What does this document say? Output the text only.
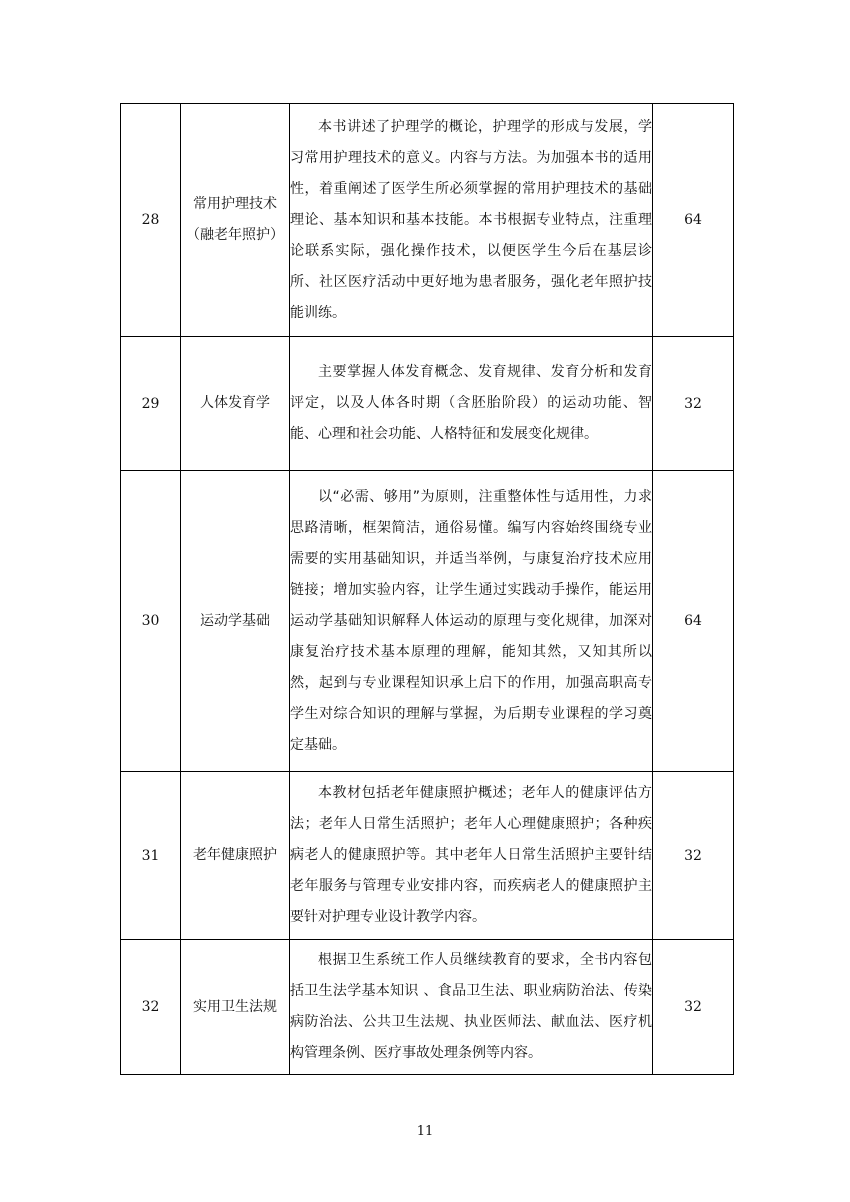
28	常用护理技术（融老年照护）	本书讲述了护理学的概论，护理学的形成与发展，学习常用护理技术的意义。内容与方法。为加强本书的适用性，着重阐述了医学生所必须掌握的常用护理技术的基础理论、基本知识和基本技能。本书根据专业特点，注重理论联系实际，强化操作技术，以便医学生今后在基层诊所、社区医疗活动中更好地为患者服务，强化老年照护技能训练。	64
29	人体发育学	主要掌握人体发育概念、发育规律、发育分析和发育评定，以及人体各时期（含胚胎阶段）的运动功能、智能、心理和社会功能、人格特征和发展变化规律。	32
30	运动学基础	以“必需、够用”为原则，注重整体性与适用性，力求思路清晰，框架简洁，通俗易懂。编写内容始终围绕专业需要的实用基础知识，并适当举例，与康复治疗技术应用链接；增加实验内容，让学生通过实践动手操作，能运用运动学基础知识解释人体运动的原理与变化规律，加深对康复治疗技术基本原理的理解，能知其然，又知其所以然，起到与专业课程知识承上启下的作用，加强高职高专学生对综合知识的理解与掌握，为后期专业课程的学习奠定基础。	64
31	老年健康照护	本教材包括老年健康照护概述；老年人的健康评估方法；老年人日常生活照护；老年人心理健康照护；各种疾病老人的健康照护等。其中老年人日常生活照护主要针结老年服务与管理专业安排内容，而疾病老人的健康照护主要针对护理专业设计教学内容。	32
32	实用卫生法规	根据卫生系统工作人员继续教育的要求，全书内容包括卫生法学基本知识 、食品卫生法、职业病防治法、传染病防治法、公共卫生法规、执业医师法、献血法、医疗机构管理条例、医疗事故处理条例等内容。	32
11
